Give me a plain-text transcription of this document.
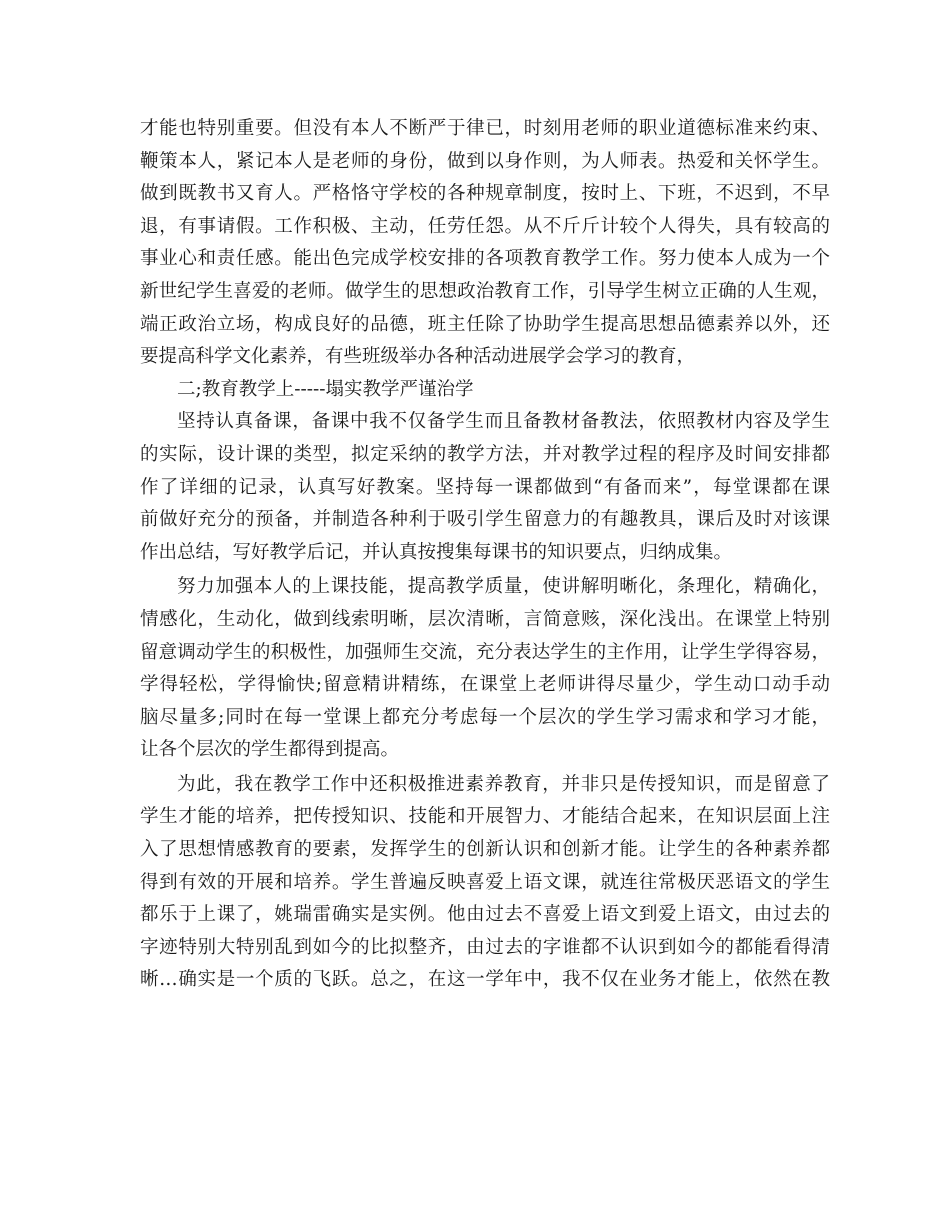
才能也特别重要。但没有本人不断严于律已，时刻用老师的职业道德标准来约束、
鞭策本人，紧记本人是老师的身份，做到以身作则，为人师表。热爱和关怀学生。
做到既教书又育人。严格恪守学校的各种规章制度，按时上、下班，不迟到，不早
退，有事请假。工作积极、主动，任劳任怨。从不斤斤计较个人得失，具有较高的
事业心和责任感。能出色完成学校安排的各项教育教学工作。努力使本人成为一个
新世纪学生喜爱的老师。做学生的思想政治教育工作，引导学生树立正确的人生观，
端正政治立场，构成良好的品德，班主任除了协助学生提高思想品德素养以外，还
要提高科学文化素养，有些班级举办各种活动进展学会学习的教育，
二;教育教学上-----塌实教学严谨治学
坚持认真备课，备课中我不仅备学生而且备教材备教法，依照教材内容及学生
的实际，设计课的类型，拟定采纳的教学方法，并对教学过程的程序及时间安排都
作了详细的记录，认真写好教案。坚持每一课都做到“有备而来”，每堂课都在课
前做好充分的预备，并制造各种利于吸引学生留意力的有趣教具，课后及时对该课
作出总结，写好教学后记，并认真按搜集每课书的知识要点，归纳成集。
努力加强本人的上课技能，提高教学质量，使讲解明晰化，条理化，精确化，
情感化，生动化，做到线索明晰，层次清晰，言简意赅，深化浅出。在课堂上特别
留意调动学生的积极性，加强师生交流，充分表达学生的主作用，让学生学得容易，
学得轻松，学得愉快;留意精讲精练，在课堂上老师讲得尽量少，学生动口动手动
脑尽量多;同时在每一堂课上都充分考虑每一个层次的学生学习需求和学习才能，
让各个层次的学生都得到提高。
为此，我在教学工作中还积极推进素养教育，并非只是传授知识，而是留意了
学生才能的培养，把传授知识、技能和开展智力、才能结合起来，在知识层面上注
入了思想情感教育的要素，发挥学生的创新认识和创新才能。让学生的各种素养都
得到有效的开展和培养。学生普遍反映喜爱上语文课，就连往常极厌恶语文的学生
都乐于上课了，姚瑞雷确实是实例。他由过去不喜爱上语文到爱上语文，由过去的
字迹特别大特别乱到如今的比拟整齐，由过去的字谁都不认识到如今的都能看得清
晰…确实是一个质的飞跃。总之，在这一学年中，我不仅在业务才能上，依然在教
